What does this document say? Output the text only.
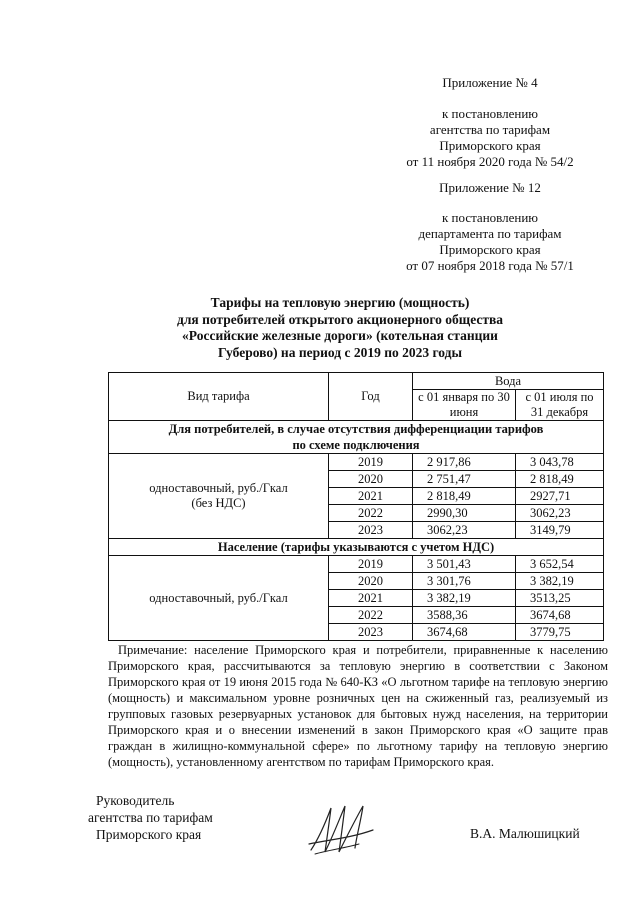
Приложение № 4
к постановлению
агентства по тарифам
Приморского края
от 11 ноября 2020 года № 54/2
Приложение № 12
к постановлению
департамента по тарифам
Приморского края
от 07 ноября 2018 года № 57/1
Тарифы на тепловую энергию (мощность)
для потребителей открытого акционерного общества
«Российские железные дороги» (котельная станции
Губерово) на период с 2019 по 2023 годы
Вид тарифа	Год	Вода	
		с 01 января по 30 июня	с 01 июля по 31 декабря

Для потребителей, в случае отсутствия дифференциации тарифов
по схеме подключения			

одноставочный, руб./Гкал
(без НДС)	2019	2 917,86	3 043,78
	2020	2 751,47	2 818,49
	2021	2 818,49	2927,71
	2022	2990,30	3062,23
	2023	3062,23	3149,79
Население (тарифы указываются с учетом НДС)			
одноставочный, руб./Гкал	2019	3 501,43	3 652,54
	2020	3 301,76	3 382,19
	2021	3 382,19	3513,25
	2022	3588,36	3674,68
	2023	3674,68	3779,75
Примечание: население Приморского края и потребители, приравненные к населению Приморского края, рассчитываются за тепловую энергию в соответствии с Законом Приморского края от 19 июня 2015 года № 640-КЗ «О льготном тарифе на тепловую энергию (мощность) и максимальном уровне розничных цен на сжиженный газ, реализуемый из групповых газовых резервуарных установок для бытовых нужд населения, на территории Приморского края и о внесении изменений в закон Приморского края «О защите прав граждан в жилищно-коммунальной сфере» по льготному тарифу на тепловую энергию (мощность), установленному агентством по тарифам Приморского края.
Руководитель
агентства по тарифам
Приморского края	В.А. Малюшицкий
